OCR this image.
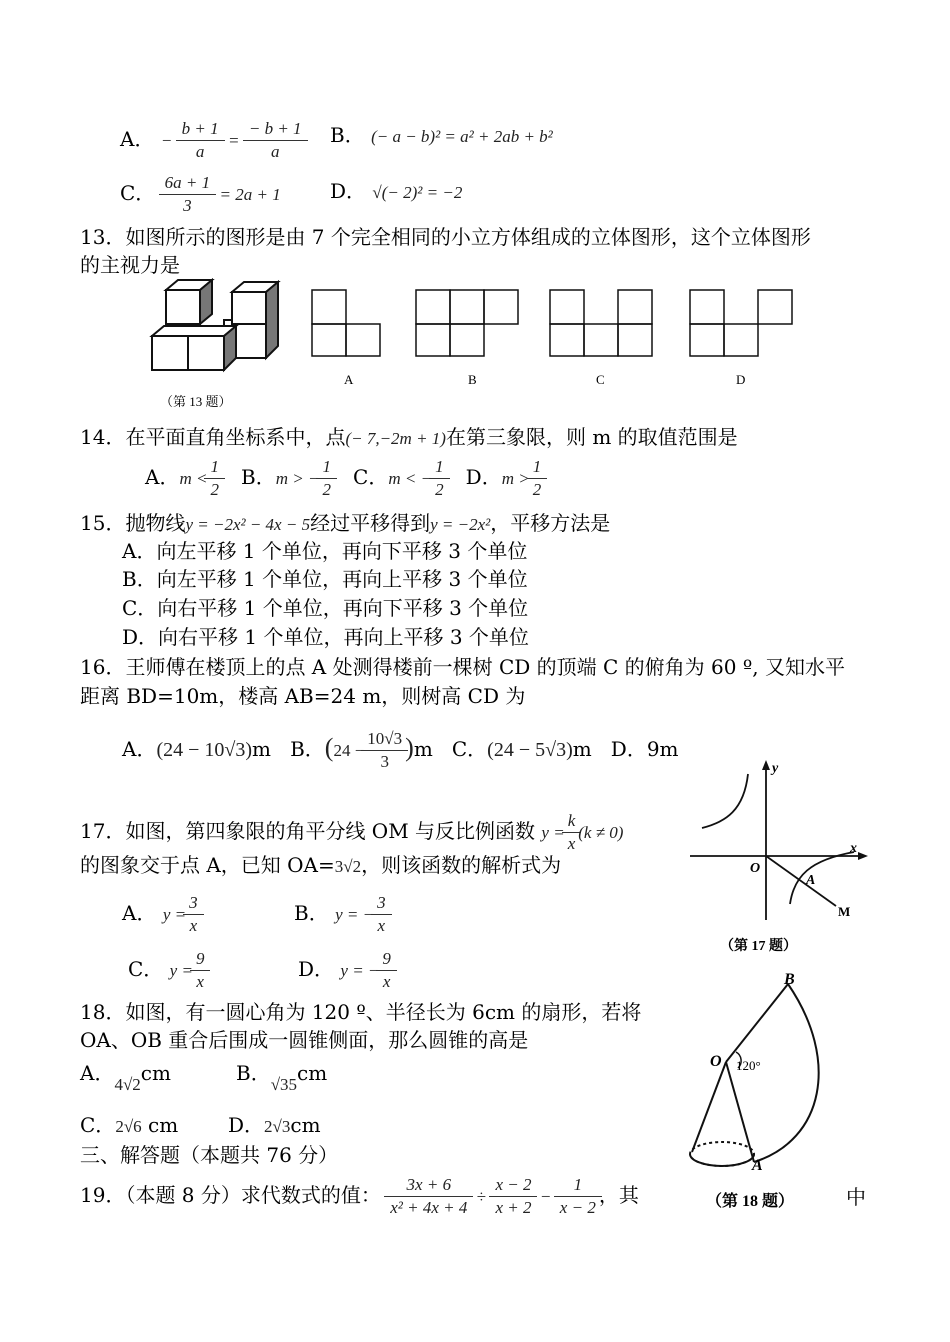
A． − $\frac{b + 1}{a} = \frac{- b + 1}{a}$ B． (− a − b)² = a² + 2ab + b²
C． $\frac{6a + 1}{3} = 2a + 1$ D． √(− 2)² = −2
13．如图所示的图形是由 7 个完全相同的小立方体组成的立体图形，这个立体图形
的主视力是
（第 13 题）
A	B	C	D
14．在平面直角坐标系中，点(− 7,−2m + 1)在第三象限，则 m 的取值范围是
A．$m < \frac{1}{2}$ B．m > − $\frac{1}{2}$ C．m < − $\frac{1}{2}$ D．$m > \frac{1}{2}$
15．抛物线y = −2x² − 4x − 5经过平移得到y = −2x²，平移方法是
A．向左平移 1 个单位，再向下平移 3 个单位
B．向左平移 1 个单位，再向上平移 3 个单位
C．向右平移 1 个单位，再向下平移 3 个单位
D．向右平移 1 个单位，再向上平移 3 个单位
16．王师傅在楼顶上的点 A 处测得楼前一棵树 CD 的顶端 C 的俯角为 60 º, 又知水平
距离 BD=10m，楼高 AB=24 m，则树高 CD 为
A．(24 − 10√3)m B．$(24 - \frac{10√3}{3} )m$ C．(24 − 5√3)m D．9m
17．如图，第四象限的角平分线 OM 与反比例函数 $y = \frac{k}{x} (k \ne 0)$
的图象交于点 A，已知 OA=3√2，则该函数的解析式为
A． $y = \frac{3}{x}$	B． y = − $\frac{3}{x}$
C． $y = \frac{9}{x}$	D． y = − $\frac{9}{x}$
y
x
O
A
M
（第 17 题）
18．如图，有一圆心角为 120 º、半径长为 6cm 的扇形，若将
OA、OB 重合后围成一圆锥侧面，那么圆锥的高是
A．$_{4√2}$cm	B．$_{√35}$cm
C．2√6 cm D．2√3cm
B
O 120°
A
（第 18 题）
三、解答题（本题共 76 分）
19．（本题 8 分）求代数式的值： $\frac{3x + 6}{\text{x² + 4x + 4}} \div \frac{x - 2}{x + 2} - \frac{1}{x - 2}$ ，其	中
